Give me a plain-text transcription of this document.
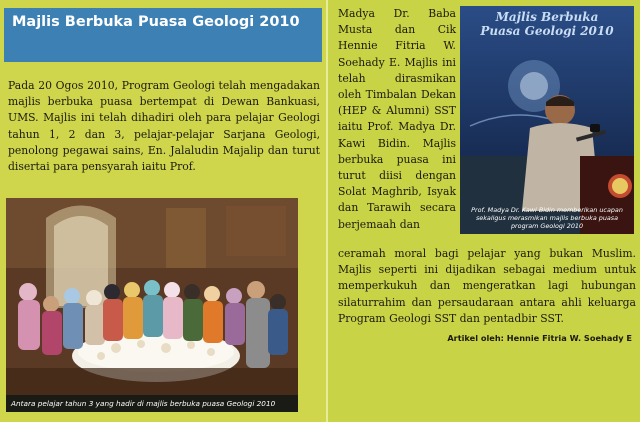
Majlis Berbuka Puasa Geologi 2010
Pada 20 Ogos 2010, Program Geologi telah mengadakan majlis berbuka puasa bertempat di Dewan Bankuasi, UMS. Majlis ini telah dihadiri oleh para pelajar Geologi tahun 1, 2 dan 3, pelajar-pelajar Sarjana Geologi, penolong pegawai sains, En. Jalaludin Majalip dan turut disertai para pensyarah iaitu Prof.
Antara pelajar tahun 3 yang hadir di majlis berbuka puasa Geologi 2010
Madya Dr. Baba Musta dan Cik Hennie Fitria W. Soehady E. Majlis ini telah dirasmikan oleh Timbalan Dekan (HEP & Alumni) SST iaitu Prof. Madya Dr. Kawi Bidin. Majlis berbuka puasa ini turut diisi dengan Solat Maghrib, Isyak dan Tarawih secara berjemaah dan
Majlis Berbuka Puasa Geologi 2010
Prof. Madya Dr. Kawi Bidin memberikan ucapan sekaligus merasmikan majlis berbuka puasa program Geologi 2010
ceramah moral bagi pelajar yang bukan Muslim. Majlis seperti ini dijadikan sebagai medium untuk memperkukuh dan mengeratkan lagi hubungan silaturrahim dan persaudaraan antara ahli keluarga Program Geologi SST dan pentadbir SST.
Artikel oleh: Hennie Fitria W. Soehady E
